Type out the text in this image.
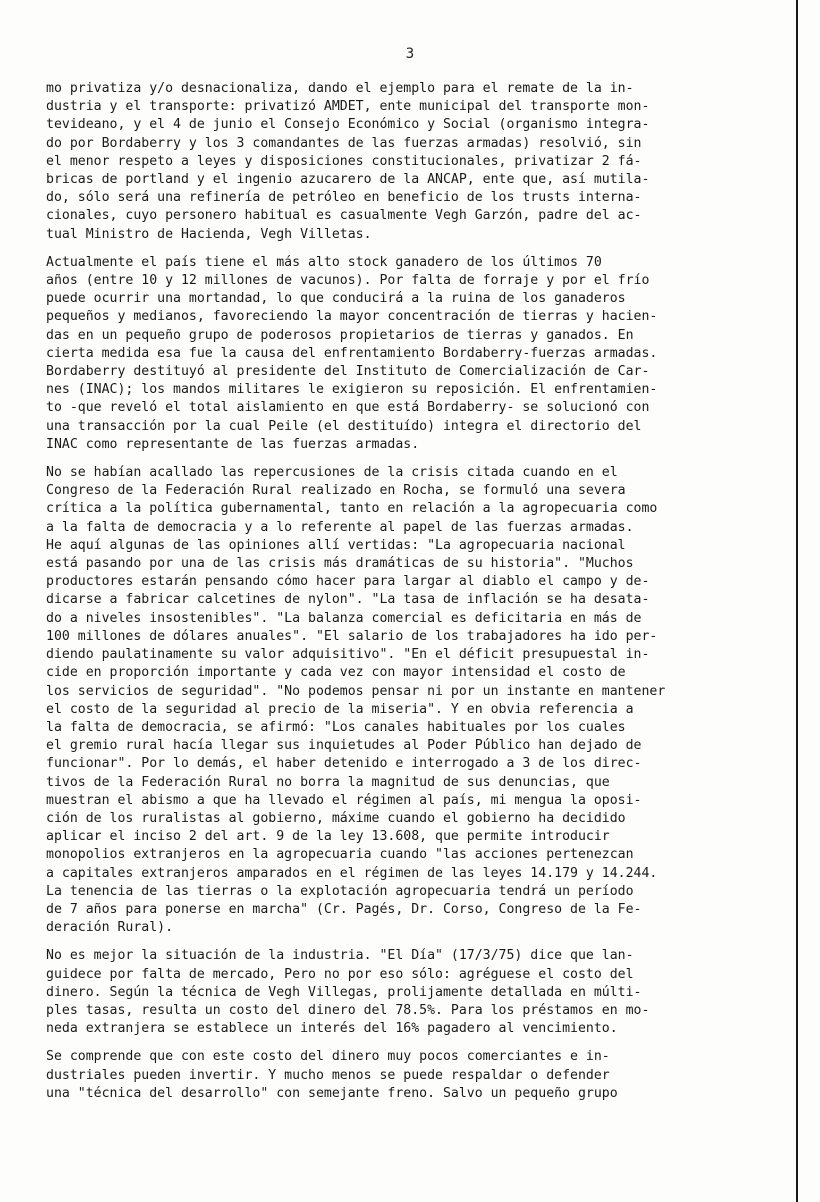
3
mo privatiza y/o desnacionaliza, dando el ejemplo para el remate de la in-
dustria y el transporte: privatizó AMDET, ente municipal del transporte mon-
tevideano, y el 4 de junio el Consejo Económico y Social (organismo integra-
do por Bordaberry y los 3 comandantes de las fuerzas armadas) resolvió, sin
el menor respeto a leyes y disposiciones constitucionales, privatizar 2 fá-
bricas de portland y el ingenio azucarero de la ANCAP, ente que, así mutila-
do, sólo será una refinería de petróleo en beneficio de los trusts interna-
cionales, cuyo personero habitual es casualmente Vegh Garzón, padre del ac-
tual Ministro de Hacienda, Vegh Villetas.
Actualmente el país tiene el más alto stock ganadero de los últimos 70
años (entre 10 y 12 millones de vacunos). Por falta de forraje y por el frío
puede ocurrir una mortandad, lo que conducirá a la ruina de los ganaderos
pequeños y medianos, favoreciendo la mayor concentración de tierras y hacien-
das en un pequeño grupo de poderosos propietarios de tierras y ganados. En
cierta medida esa fue la causa del enfrentamiento Bordaberry-fuerzas armadas.
Bordaberry destituyó al presidente del Instituto de Comercialización de Car-
nes (INAC); los mandos militares le exigieron su reposición. El enfrentamien-
to -que reveló el total aislamiento en que está Bordaberry- se solucionó con
una transacción por la cual Peile (el destituído) integra el directorio del
INAC como representante de las fuerzas armadas.
No se habían acallado las repercusiones de la crisis citada cuando en el
Congreso de la Federación Rural realizado en Rocha, se formuló una severa
crítica a la política gubernamental, tanto en relación a la agropecuaria como
a la falta de democracia y a lo referente al papel de las fuerzas armadas.
He aquí algunas de las opiniones allí vertidas: "La agropecuaria nacional
está pasando por una de las crisis más dramáticas de su historia". "Muchos
productores estarán pensando cómo hacer para largar al diablo el campo y de-
dicarse a fabricar calcetines de nylon". "La tasa de inflación se ha desata-
do a niveles insostenibles". "La balanza comercial es deficitaria en más de
100 millones de dólares anuales". "El salario de los trabajadores ha ido per-
diendo paulatinamente su valor adquisitivo". "En el déficit presupuestal in-
cide en proporción importante y cada vez con mayor intensidad el costo de
los servicios de seguridad". "No podemos pensar ni por un instante en mantener
el costo de la seguridad al precio de la miseria". Y en obvia referencia a
la falta de democracia, se afirmó: "Los canales habituales por los cuales
el gremio rural hacía llegar sus inquietudes al Poder Público han dejado de
funcionar". Por lo demás, el haber detenido e interrogado a 3 de los direc-
tivos de la Federación Rural no borra la magnitud de sus denuncias, que
muestran el abismo a que ha llevado el régimen al país, mi mengua la oposi-
ción de los ruralistas al gobierno, máxime cuando el gobierno ha decidido
aplicar el inciso 2 del art. 9 de la ley 13.608, que permite introducir
monopolios extranjeros en la agropecuaria cuando "las acciones pertenezcan
a capitales extranjeros amparados en el régimen de las leyes 14.179 y 14.244.
La tenencia de las tierras o la explotación agropecuaria tendrá un período
de 7 años para ponerse en marcha" (Cr. Pagés, Dr. Corso, Congreso de la Fe-
deración Rural).
No es mejor la situación de la industria. "El Día" (17/3/75) dice que lan-
guidece por falta de mercado, Pero no por eso sólo: agréguese el costo del
dinero. Según la técnica de Vegh Villegas, prolijamente detallada en múlti-
ples tasas, resulta un costo del dinero del 78.5%. Para los préstamos en mo-
neda extranjera se establece un interés del 16% pagadero al vencimiento.
Se comprende que con este costo del dinero muy pocos comerciantes e in-
dustriales pueden invertir. Y mucho menos se puede respaldar o defender
una "técnica del desarrollo" con semejante freno. Salvo un pequeño grupo
